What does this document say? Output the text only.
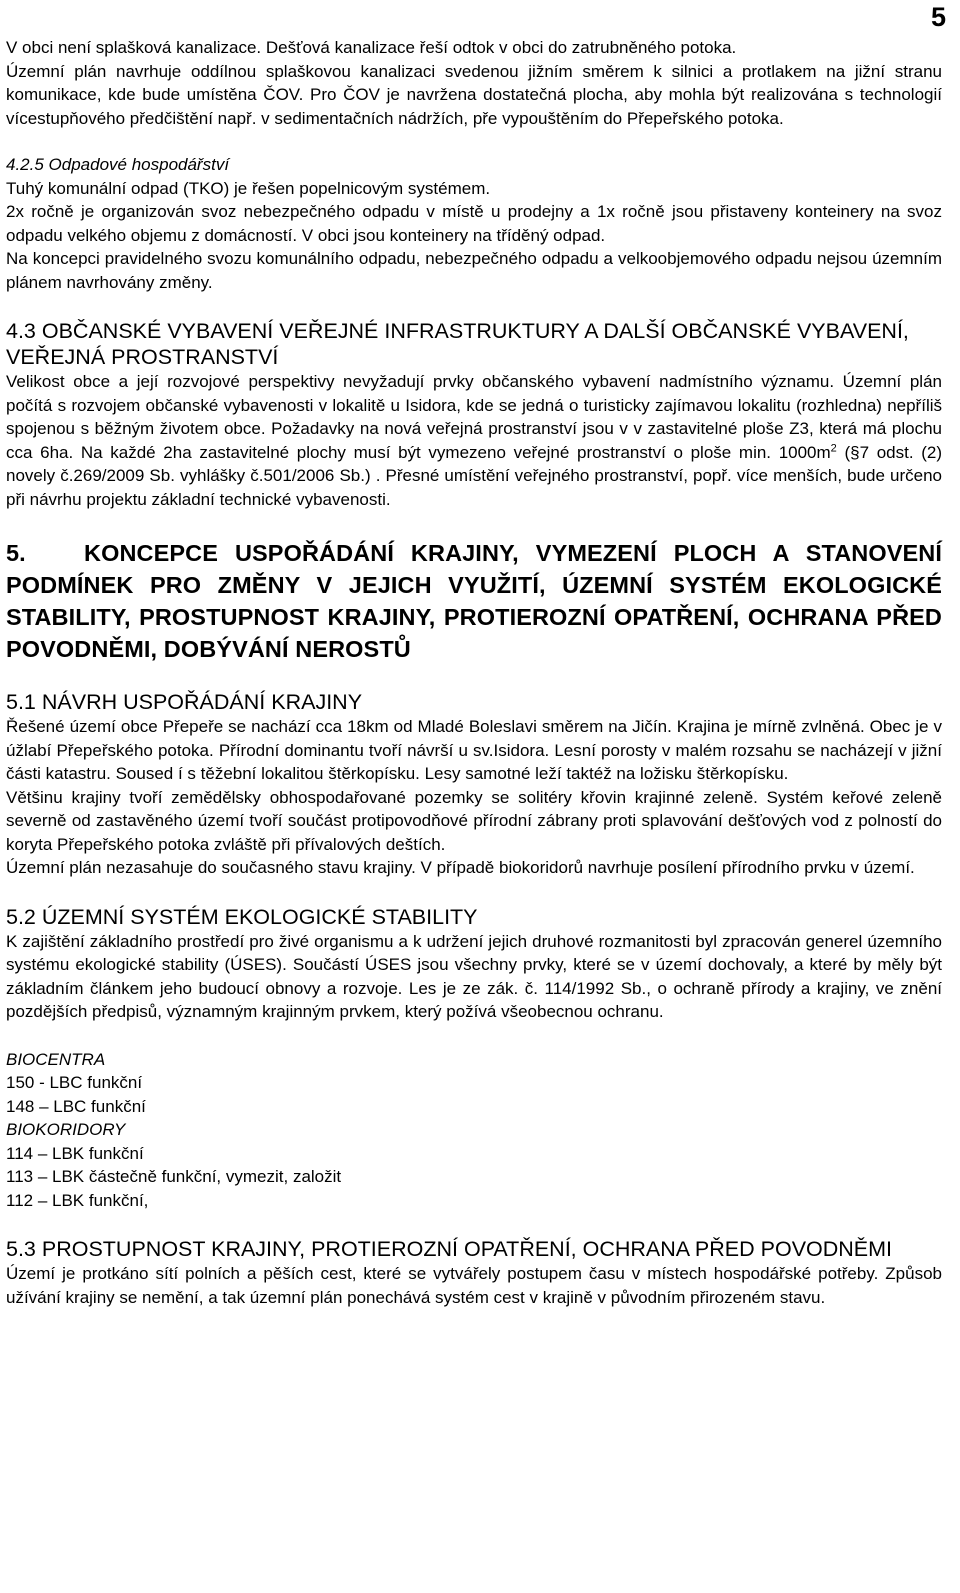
5

V obci není splašková kanalizace. Dešťová kanalizace řeší odtok v obci do zatrubněného potoka.

Územní plán navrhuje oddílnou splaškovou kanalizaci svedenou jižním směrem k silnici a protlakem na jižní stranu komunikace, kde bude umístěna ČOV. Pro ČOV je navržena dostatečná plocha, aby mohla být realizována s technologií vícestupňového předčištění např. v sedimentačních nádržích, pře vypouštěním do Přepeřského potoka.

4.2.5 Odpadové hospodářství

Tuhý komunální odpad (TKO) je řešen popelnicovým systémem.

2x ročně je organizován svoz nebezpečného odpadu v místě u prodejny a 1x ročně jsou přistaveny konteinery na svoz odpadu velkého objemu z domácností. V obci jsou konteinery na tříděný odpad.

Na koncepci pravidelného svozu komunálního odpadu, nebezpečného odpadu a velkoobjemového odpadu nejsou územním plánem navrhovány změny.

4.3 OBČANSKÉ VYBAVENÍ VEŘEJNÉ INFRASTRUKTURY A DALŠÍ OBČANSKÉ VYBAVENÍ, VEŘEJNÁ PROSTRANSTVÍ

Velikost obce a její rozvojové perspektivy nevyžadují prvky občanského vybavení nadmístního významu. Územní plán počítá s rozvojem občanské vybavenosti v lokalitě u Isidora, kde se jedná o turisticky zajímavou lokalitu (rozhledna) nepříliš spojenou s běžným životem obce. Požadavky na nová veřejná prostranství jsou v v zastavitelné ploše Z3, která má plochu cca 6ha. Na každé 2ha zastavitelné plochy musí být vymezeno veřejné prostranství o ploše min. $1000m^2$ (§7 odst. (2) novely č.269/2009 Sb. vyhlášky č.501/2006 Sb.) . Přesné umístění veřejného prostranství, popř. více menších, bude určeno při návrhu projektu základní technické vybavenosti.

5. KONCEPCE USPOŘÁDÁNÍ KRAJINY, VYMEZENÍ PLOCH A STANOVENÍ PODMÍNEK PRO ZMĚNY V JEJICH VYUŽITÍ, ÚZEMNÍ SYSTÉM EKOLOGICKÉ STABILITY, PROSTUPNOST KRAJINY, PROTIEROZNÍ OPATŘENÍ, OCHRANA PŘED POVODNĚMI, DOBÝVÁNÍ NEROSTŮ

5.1 NÁVRH USPOŘÁDÁNÍ KRAJINY

Řešené území obce Přepeře se nachází cca 18km od Mladé Boleslavi směrem na Jičín. Krajina je mírně zvlněná. Obec je v úžlabí Přepeřského potoka. Přírodní dominantu tvoří návrší u sv.Isidora. Lesní porosty v malém rozsahu se nacházejí v jižní části katastru. Soused í s těžební lokalitou štěrkopísku. Lesy samotné leží taktéž na ložisku štěrkopísku.

Většinu krajiny tvoří zemědělsky obhospodařované pozemky se solitéry křovin krajinné zeleně. Systém keřové zeleně severně od zastavěného území tvoří součást protipovodňové přírodní zábrany proti splavování dešťových vod z polností do koryta Přepeřského potoka zvláště při přívalových deštích.

Územní plán nezasahuje do současného stavu krajiny. V případě biokoridorů navrhuje posílení přírodního prvku v území.

5.2 ÚZEMNÍ SYSTÉM EKOLOGICKÉ STABILITY

K zajištění základního prostředí pro živé organismu a k udržení jejich druhové rozmanitosti byl zpracován generel územního systému ekologické stability (ÚSES). Součástí ÚSES jsou všechny prvky, které se v území dochovaly, a které by měly být základním článkem jeho budoucí obnovy a rozvoje. Les je ze zák. č. 114/1992 Sb., o ochraně přírody a krajiny, ve znění pozdějších předpisů, významným krajinným prvkem, který požívá všeobecnou ochranu.

BIOCENTRA
150 - LBC funkční
148 – LBC funkční
BIOKORIDORY
114 – LBK funkční
113 – LBK částečně funkční, vymezit, založit
112 – LBK funkční,

5.3 PROSTUPNOST KRAJINY, PROTIEROZNÍ OPATŘENÍ, OCHRANA PŘED POVODNĚMI

Území je protkáno sítí polních a pěších cest, které se vytvářely postupem času v místech hospodářské potřeby. Způsob užívání krajiny se nemění, a tak územní plán ponechává systém cest v krajině v původním přirozeném stavu.
